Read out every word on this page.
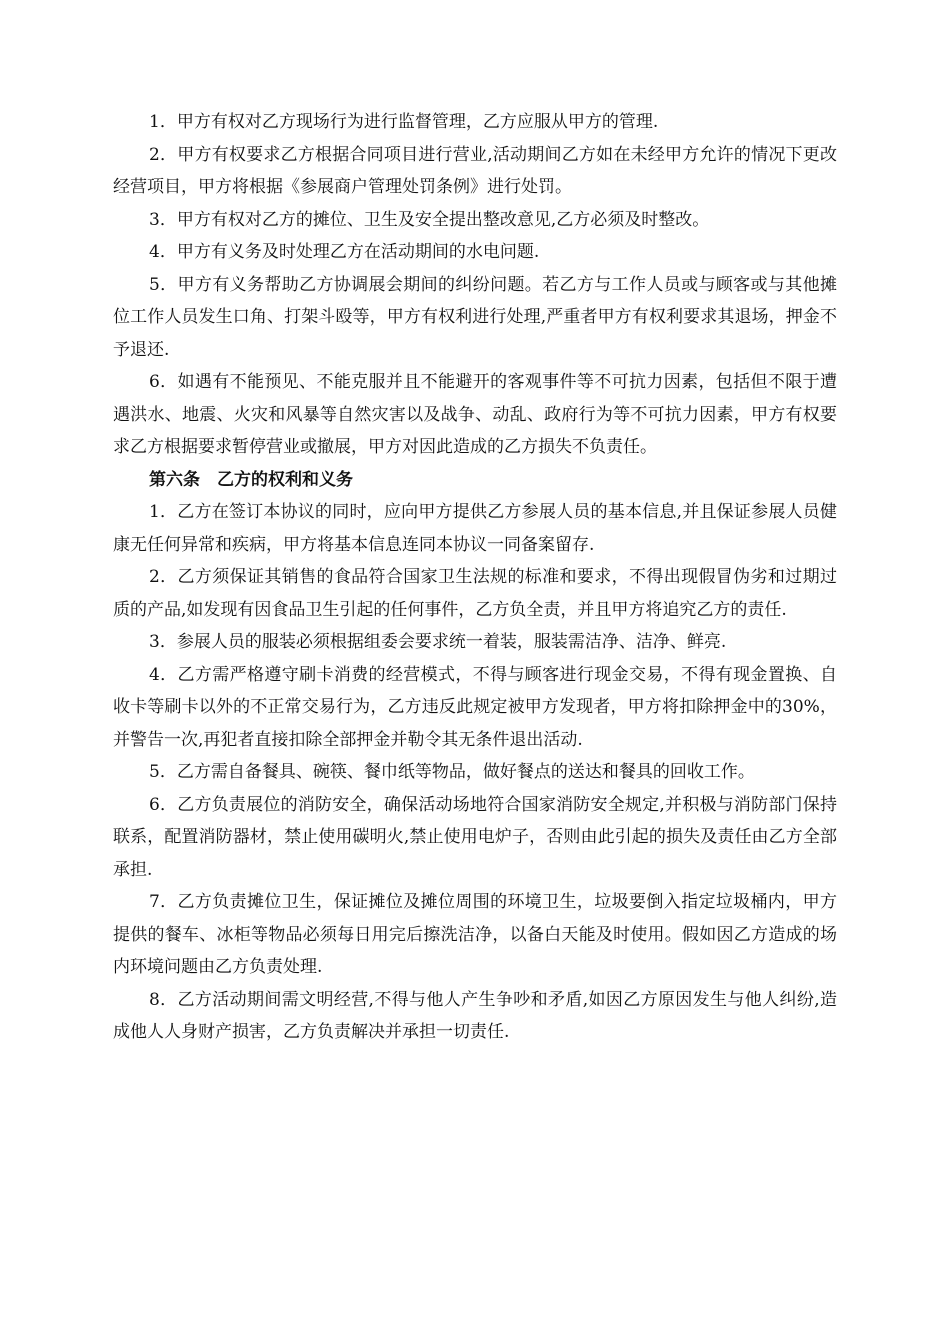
1．甲方有权对乙方现场行为进行监督管理，乙方应服从甲方的管理.

2．甲方有权要求乙方根据合同项目进行营业,活动期间乙方如在未经甲方允许的情况下更改经营项目，甲方将根据《参展商户管理处罚条例》进行处罚。

3．甲方有权对乙方的摊位、卫生及安全提出整改意见,乙方必须及时整改。

4．甲方有义务及时处理乙方在活动期间的水电问题.

5．甲方有义务帮助乙方协调展会期间的纠纷问题。若乙方与工作人员或与顾客或与其他摊位工作人员发生口角、打架斗殴等，甲方有权利进行处理,严重者甲方有权利要求其退场，押金不予退还.

6．如遇有不能预见、不能克服并且不能避开的客观事件等不可抗力因素，包括但不限于遭遇洪水、地震、火灾和风暴等自然灾害以及战争、动乱、政府行为等不可抗力因素，甲方有权要求乙方根据要求暂停营业或撤展，甲方对因此造成的乙方损失不负责任。

第六条　乙方的权利和义务

1．乙方在签订本协议的同时，应向甲方提供乙方参展人员的基本信息,并且保证参展人员健康无任何异常和疾病，甲方将基本信息连同本协议一同备案留存.

2．乙方须保证其销售的食品符合国家卫生法规的标准和要求，不得出现假冒伪劣和过期过质的产品,如发现有因食品卫生引起的任何事件，乙方负全责，并且甲方将追究乙方的责任.

3．参展人员的服装必须根据组委会要求统一着装，服装需洁净、洁净、鲜亮.

4．乙方需严格遵守刷卡消费的经营模式，不得与顾客进行现金交易，不得有现金置换、自收卡等刷卡以外的不正常交易行为，乙方违反此规定被甲方发现者，甲方将扣除押金中的30%，并警告一次,再犯者直接扣除全部押金并勒令其无条件退出活动.

5．乙方需自备餐具、碗筷、餐巾纸等物品，做好餐点的送达和餐具的回收工作。

6．乙方负责展位的消防安全，确保活动场地符合国家消防安全规定,并积极与消防部门保持联系，配置消防器材，禁止使用碳明火,禁止使用电炉子，否则由此引起的损失及责任由乙方全部承担.

7．乙方负责摊位卫生，保证摊位及摊位周围的环境卫生，垃圾要倒入指定垃圾桶内，甲方提供的餐车、冰柜等物品必须每日用完后擦洗洁净，以备白天能及时使用。假如因乙方造成的场内环境问题由乙方负责处理.

8．乙方活动期间需文明经营,不得与他人产生争吵和矛盾,如因乙方原因发生与他人纠纷,造成他人人身财产损害，乙方负责解决并承担一切责任.
